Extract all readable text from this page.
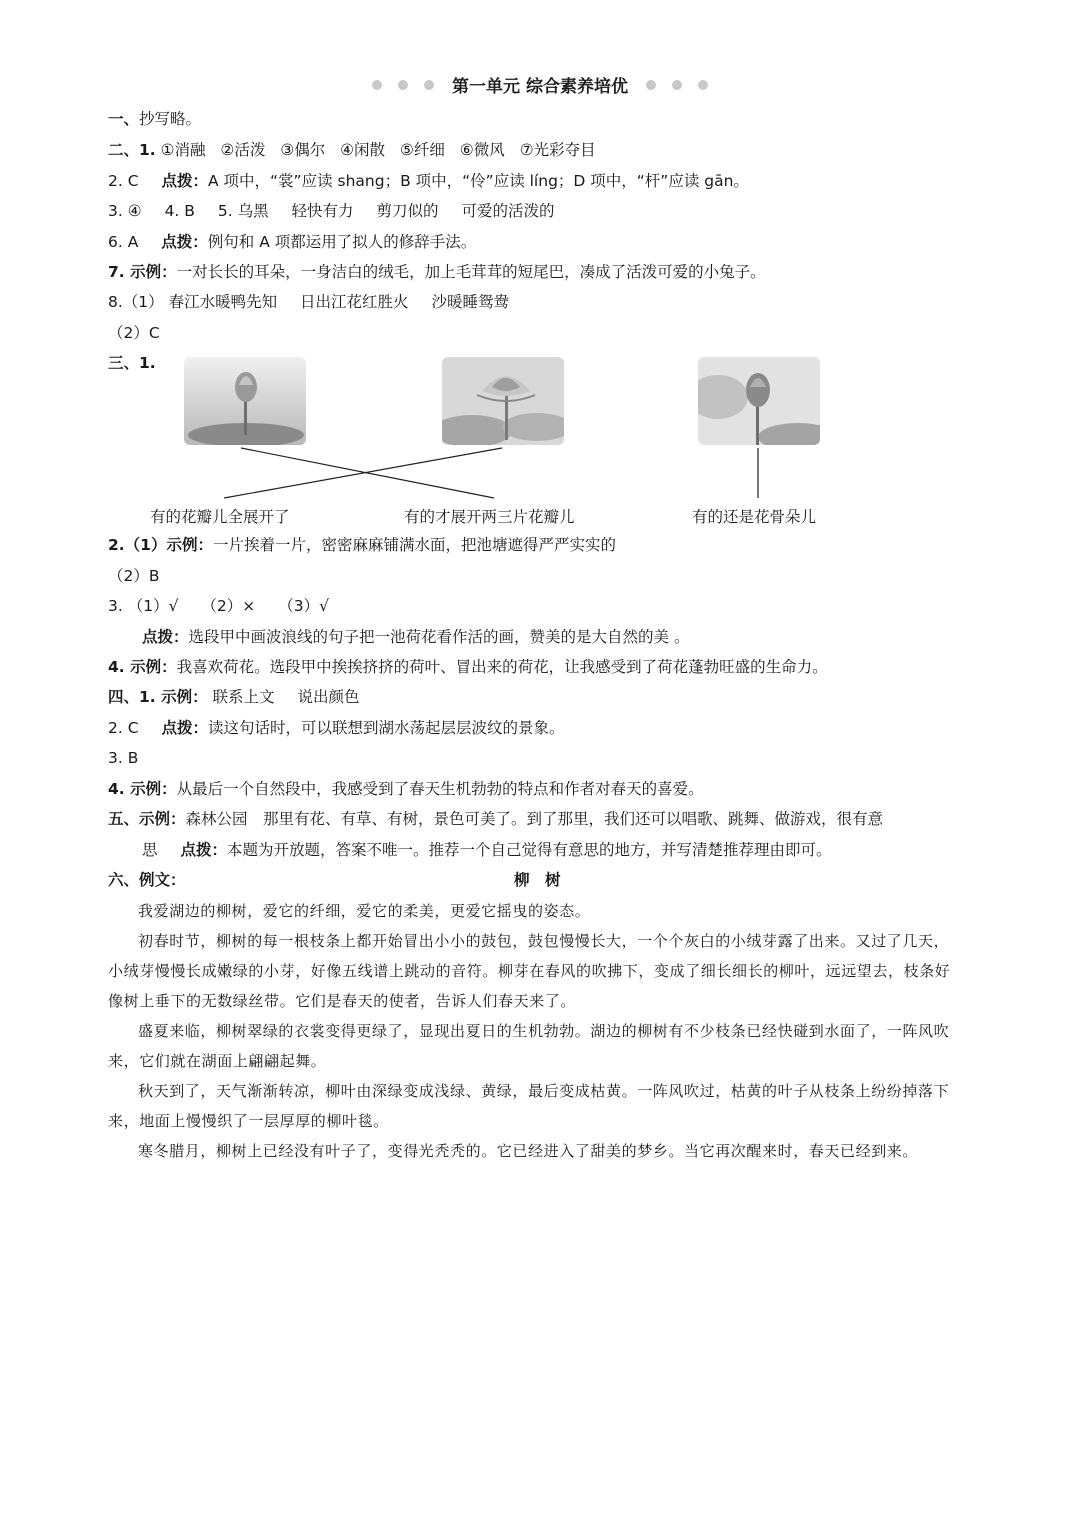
第一单元 综合素养培优
一、抄写略。
二、1. ①消融 ②活泼 ③偶尔 ④闲散 ⑤纤细 ⑥微风 ⑦光彩夺目
2. C 点拨：A 项中，“裳”应读 shang；B 项中，“伶”应读 líng；D 项中，“杆”应读 gān。
3. ④ 4. B 5. 乌黑 轻快有力 剪刀似的 可爱的活泼的
6. A 点拨：例句和 A 项都运用了拟人的修辞手法。
7. 示例：一对长长的耳朵，一身洁白的绒毛，加上毛茸茸的短尾巴，凑成了活泼可爱的小兔子。
8.（1） 春江水暖鸭先知 日出江花红胜火 沙暖睡鸳鸯
（2）C
三、1.
有的花瓣儿全展开了	有的才展开两三片花瓣儿	有的还是花骨朵儿
2.（1）示例：一片挨着一片，密密麻麻铺满水面，把池塘遮得严严实实的
（2）B
3. （1）√ （2）× （3）√
点拨：选段甲中画波浪线的句子把一池荷花看作活的画，赞美的是大自然的美 。
4. 示例：我喜欢荷花。选段甲中挨挨挤挤的荷叶、冒出来的荷花，让我感受到了荷花蓬勃旺盛的生命力。
四、1. 示例： 联系上文 说出颜色
2. C 点拨：读这句话时，可以联想到湖水荡起层层波纹的景象。
3. B
4. 示例：从最后一个自然段中，我感受到了春天生机勃勃的特点和作者对春天的喜爱。
五、示例：森林公园　那里有花、有草、有树，景色可美了。到了那里，我们还可以唱歌、跳舞、做游戏，很有意
思 点拨：本题为开放题，答案不唯一。推荐一个自己觉得有意思的地方，并写清楚推荐理由即可。
六、例文：	柳　树

我爱湖边的柳树，爱它的纤细，爱它的柔美，更爱它摇曳的姿态。

初春时节，柳树的每一根枝条上都开始冒出小小的鼓包，鼓包慢慢长大，一个个灰白的小绒芽露了出来。又过了几天，小绒芽慢慢长成嫩绿的小芽，好像五线谱上跳动的音符。柳芽在春风的吹拂下，变成了细长细长的柳叶，远远望去，枝条好像树上垂下的无数绿丝带。它们是春天的使者，告诉人们春天来了。

盛夏来临，柳树翠绿的衣裳变得更绿了，显现出夏日的生机勃勃。湖边的柳树有不少枝条已经快碰到水面了，一阵风吹来，它们就在湖面上翩翩起舞。

秋天到了，天气渐渐转凉，柳叶由深绿变成浅绿、黄绿，最后变成枯黄。一阵风吹过，枯黄的叶子从枝条上纷纷掉落下来，地面上慢慢织了一层厚厚的柳叶毯。

寒冬腊月，柳树上已经没有叶子了，变得光秃秃的。它已经进入了甜美的梦乡。当它再次醒来时，春天已经到来。
